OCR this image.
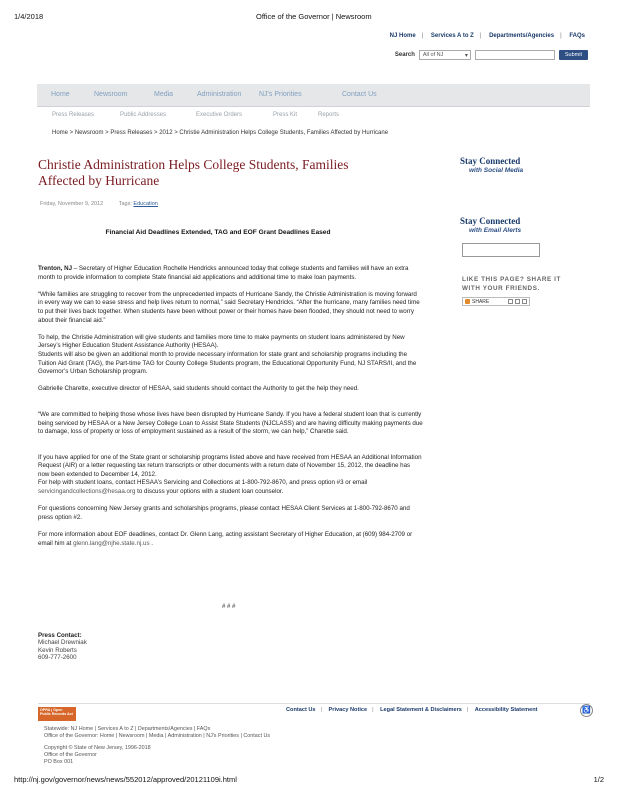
1/4/2018	Office of the Governor | Newsroom
NJ Home | Services A to Z | Departments/Agencies | FAQs
Search	All of NJ ▾	Submit
Home	Newsroom	Media	Administration	NJ's Priorities	Contact Us
Press Releases	Public Addresses	Executive Orders	Press Kit	Reports
Home > Newsroom > Press Releases > 2012 > Christie Administration Helps College Students, Families Affected by Hurricane
Christie Administration Helps College Students, Families Affected by Hurricane
Friday, November 9, 2012	Tags: Education
Financial Aid Deadlines Extended, TAG and EOF Grant Deadlines Eased

Trenton, NJ – Secretary of Higher Education Rochelle Hendricks announced today that college students and families will have an extra month to provide information to complete State financial aid applications and additional time to make loan payments.

“While families are struggling to recover from the unprecedented impacts of Hurricane Sandy, the Christie Administration is moving forward in every way we can to ease stress and help lives return to normal,” said Secretary Hendricks. “After the hurricane, many families need time to put their lives back together. When students have been without power or their homes have been flooded, they should not need to worry about their financial aid.”

To help, the Christie Administration will give students and families more time to make payments on student loans administered by New Jersey’s Higher Education Student Assistance Authority (HESAA).

Students will also be given an additional month to provide necessary information for state grant and scholarship programs including the Tuition Aid Grant (TAG), the Part-time TAG for County College Students program, the Educational Opportunity Fund, NJ STARS/II, and the Governor’s Urban Scholarship program.

Gabrielle Charette, executive director of HESAA, said students should contact the Authority to get the help they need.

“We are committed to helping those whose lives have been disrupted by Hurricane Sandy. If you have a federal student loan that is currently being serviced by HESAA or a New Jersey College Loan to Assist State Students (NJCLASS) and are having difficulty making payments due to damage, loss of property or loss of employment sustained as a result of the storm, we can help,” Charette said.

If you have applied for one of the State grant or scholarship programs listed above and have received from HESAA an Additional Information Request (AIR) or a letter requesting tax return transcripts or other documents with a return date of November 15, 2012, the deadline has now been extended to December 14, 2012.

For help with student loans, contact HESAA’s Servicing and Collections at 1-800-792-8670, and press option #3 or email servicingandcollections@hesaa.org to discuss your options with a student loan counselor.

For questions concerning New Jersey grants and scholarships programs, please contact HESAA Client Services at 1-800-792-8670 and press option #2.

For more information about EOF deadlines, contact Dr. Glenn Lang, acting assistant Secretary of Higher Education, at (609) 984-2709 or email him at glenn.lang@njhe.state.nj.us .

# # #
Press Contact:
Michael Drewniak
Kevin Roberts
609-777-2600
Stay Connected
with Social Media
Stay Connected
with Email Alerts
LIKE THIS PAGE? SHARE IT
WITH YOUR FRIENDS.
SHARE
OPRA | Open Public Records Act
Contact Us | Privacy Notice | Legal Statement & Disclaimers | Accessibility Statement	♿
Statewide: NJ Home | Services A to Z | Departments/Agencies | FAQs
Office of the Governor: Home | Newsroom | Media | Administration | NJ's Priorities | Contact Us
Copyright © State of New Jersey, 1996-2018
Office of the Governor
PO Box 001
http://nj.gov/governor/news/news/552012/approved/20121109i.html	1/2
